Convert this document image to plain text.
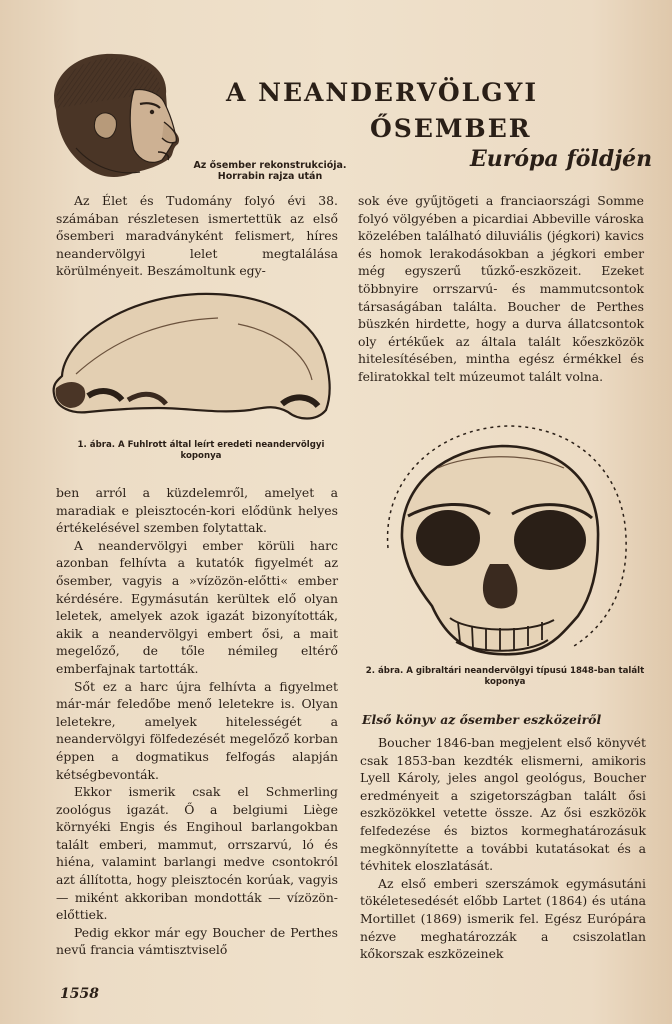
A NEANDERVÖLGYI
ŐSEMBER
Európa földjén
Az ősember rekonstrukciója. Horrabin rajza után

Az Élet és Tudomány folyó évi 38. számában részletesen ismertettük az első ősemberi maradványként felismert, híres neandervölgyi lelet megtalálása körülményeit. Beszámoltunk egy-

sok éve gyűjtögeti a franciaországi Somme folyó völgyében a picardiai Abbeville városka közelében található diluviális (jégkori) kavics és homok lerakodásokban a jégkori ember még egyszerű tűzkő-eszközeit. Ezeket többnyire orrszarvú- és mammutcsontok társaságában találta. Boucher de Perthes büszkén hirdette, hogy a durva állatcsontok oly értékűek az általa talált kőeszközök hitelesítésében, mintha egész érmékkel és feliratokkal telt múzeumot talált volna.

1. ábra. A Fuhlrott által leírt eredeti neandervölgyi koponya

ben arról a küzdelemről, amelyet a maradiak e pleisztocén-kori elődünk helyes értékelésével szemben folytattak.

A neandervölgyi ember körüli harc azonban felhívta a kutatók figyelmét az ősember, vagyis a »vízözön-előtti« ember kérdésére. Egymásután kerültek elő olyan leletek, amelyek azok igazát bizonyították, akik a neandervölgyi embert ősi, a mait megelőző, de tőle némileg eltérő emberfajnak tartották.

Sőt ez a harc újra felhívta a figyelmet már-már feledőbe menő leletekre is. Olyan leletekre, amelyek hitelességét a neandervölgyi fölfedezését megelőző korban éppen a dogmatikus felfogás alapján kétségbevonták.

Ekkor ismerik csak el Schmerling zoológus igazát. Ő a belgiumi Liège környéki Engis és Engihoul barlangokban talált emberi, mammut, orrszarvú, ló és hiéna, valamint barlangi medve csontokról azt állította, hogy pleisztocén korúak, vagyis — miként akkoriban mondották — vízözön-előttiek.

Pedig ekkor már egy Boucher de Perthes nevű francia vámtisztviselő

2. ábra. A gibraltári neandervölgyi típusú 1848-ban talált koponya
Első könyv az ősember eszközeiről

Boucher 1846-ban megjelent első könyvét csak 1853-ban kezdték elismerni, amikoris Lyell Károly, jeles angol geológus, Boucher eredményeit a szigetországban talált ősi eszközökkel vetette össze. Az ősi eszközök felfedezése és biztos kormeghatározásuk megkönnyítette a további kutatásokat és a tévhitek eloszlatását.

Az első emberi szerszámok egymásutáni tökéletesedését előbb Lartet (1864) és utána Mortillet (1869) ismerik fel. Egész Európára nézve meghatározzák a csiszolatlan kőkorszak eszközeinek

1558
